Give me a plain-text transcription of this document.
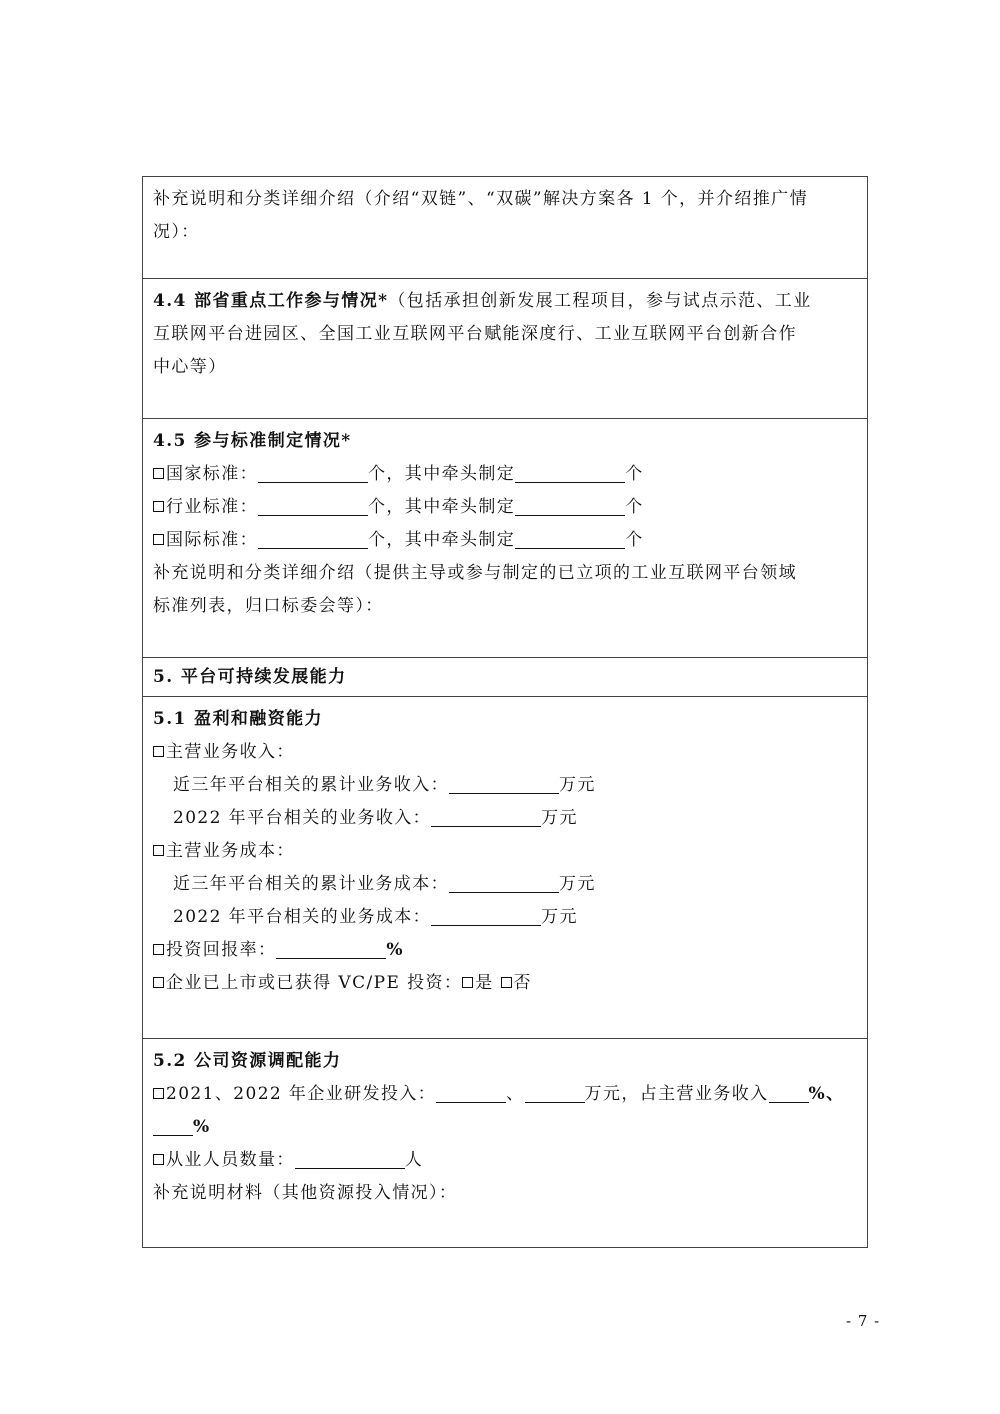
补充说明和分类详细介绍（介绍“双链”、“双碳”解决方案各 1 个，并介绍推广情
况）：
4.4 部省重点工作参与情况*（包括承担创新发展工程项目，参与试点示范、工业
互联网平台进园区、全国工业互联网平台赋能深度行、工业互联网平台创新合作
中心等）
4.5 参与标准制定情况*
国家标准：	个，其中牵头制定	个
行业标准：	个，其中牵头制定	个
国际标准：	个，其中牵头制定	个
补充说明和分类详细介绍（提供主导或参与制定的已立项的工业互联网平台领域
标准列表，归口标委会等）：
5. 平台可持续发展能力
5.1 盈利和融资能力
主营业务收入：
近三年平台相关的累计业务收入：	万元
2022 年平台相关的业务收入：	万元
主营业务成本：
近三年平台相关的累计业务成本：	万元
2022 年平台相关的业务成本：	万元
投资回报率：	%
企业已上市或已获得 VC/PE 投资： 是 否
5.2 公司资源调配能力
2021、2022 年企业研发投入：	、	万元，占主营业务收入 %、
%
从业人员数量：	人
补充说明材料（其他资源投入情况）：
- 7 -
